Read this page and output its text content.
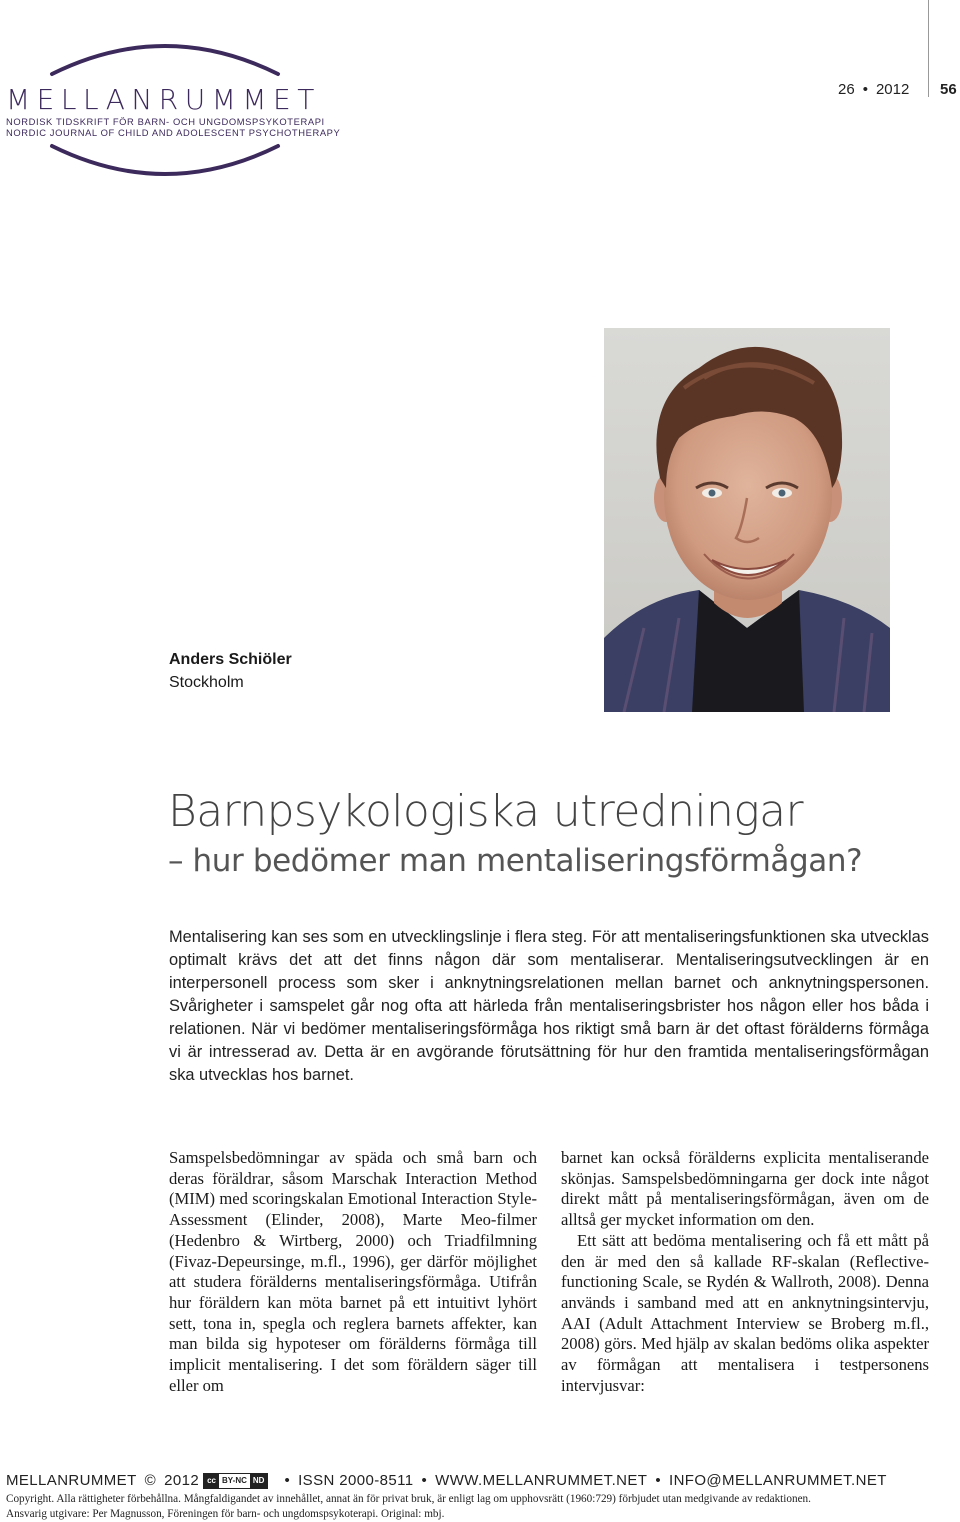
MELLANRUMMET
NORDISK TIDSKRIFT FÖR BARN- OCH UNGDOMSPSYKOTERAPI
NORDIC JOURNAL OF CHILD AND ADOLESCENT PSYCHOTHERAPY
26 • 2012 56

Anders Schiöler

Stockholm

Barnpsykologiska utredningar
– hur bedömer man mentaliseringsförmågan?

Mentalisering kan ses som en utvecklingslinje i flera steg. För att mentaliseringsfunktionen ska utvecklas optimalt krävs det att det finns någon där som mentaliserar. Mentaliseringsutvecklingen är en interpersonell process som sker i anknytningsrelationen mellan barnet och anknytningspersonen. Svårigheter i samspelet går nog ofta att härleda från mentaliseringsbrister hos någon eller hos båda i relationen. När vi bedömer mentaliseringsförmåga hos riktigt små barn är det oftast förälderns förmåga vi är intresserad av. Detta är en avgörande förutsättning för hur den framtida mentaliseringsförmågan ska utvecklas hos barnet.

Samspelsbedömningar av späda och små barn och deras föräldrar, såsom Marschak Interaction Method (MIM) med scoringskalan Emotional Interaction Style-Assessment (Elinder, 2008), Marte Meo-filmer (Hedenbro & Wirtberg, 2000) och Triadfilmning (Fivaz-Depeursinge, m.fl., 1996), ger därför möjlighet att studera förälderns mentaliseringsförmåga. Utifrån hur föräldern kan möta barnet på ett intuitivt lyhört sett, tona in, spegla och reglera barnets affekter, kan man bilda sig hypoteser om förälderns förmåga till implicit mentalisering. I det som föräldern säger till eller om

barnet kan också förälderns explicita mentaliserande skönjas. Samspelsbedömningarna ger dock inte något direkt mått på mentaliseringsförmågan, även om de alltså ger mycket information om den.

Ett sätt att bedöma mentalisering och få ett mått på den är med den så kallade RF-skalan (Reflective-functioning Scale, se Rydén & Wallroth, 2008). Denna används i samband med att en anknytningsintervju, AAI (Adult Attachment Interview se Broberg m.fl., 2008) görs. Med hjälp av skalan bedöms olika aspekter av förmågan att mentalisera i testpersonens intervjusvar:

MELLANRUMMET © 2012	cc BY-NC ND • ISSN 2000-8511 • WWW.MELLANRUMMET.NET • INFO@MELLANRUMMET.NET

Copyright. Alla rättigheter förbehållna. Mångfaldigandet av innehållet, annat än för privat bruk, är enligt lag om upphovsrätt (1960:729) förbjudet utan medgivande av redaktionen.
Ansvarig utgivare: Per Magnusson, Föreningen för barn- och ungdomspsykoterapi. Original: mbj.
